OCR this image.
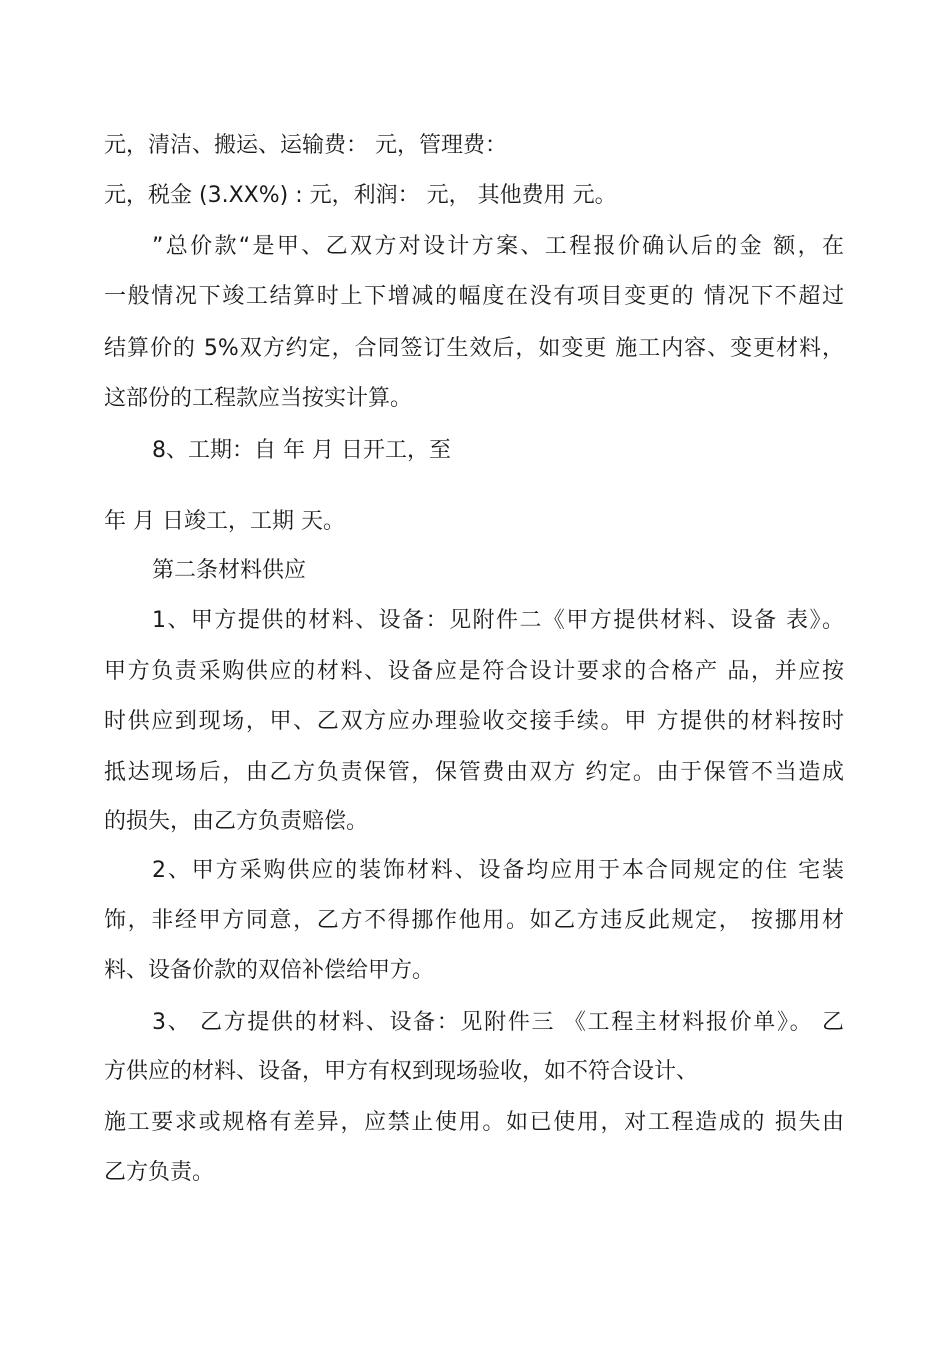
元，清洁、搬运、运输费： 元，管理费：
元，税金 (3.XX%) : 元，利润： 元， 其他费用 元。
”总价款“是甲、乙双方对设计方案、工程报价确认后的金 额，在
一般情况下竣工结算时上下增减的幅度在没有项目变更的 情况下不超过
结算价的 5%双方约定，合同签订生效后，如变更 施工内容、变更材料，
这部份的工程款应当按实计算。
8、工期：自 年 月 日开工，至
年 月 日竣工，工期 天。
第二条材料供应
1、甲方提供的材料、设备：见附件二《甲方提供材料、设备 表》。
甲方负责采购供应的材料、设备应是符合设计要求的合格产 品，并应按
时供应到现场，甲、乙双方应办理验收交接手续。甲 方提供的材料按时
抵达现场后，由乙方负责保管，保管费由双方 约定。由于保管不当造成
的损失，由乙方负责赔偿。
2、甲方采购供应的装饰材料、设备均应用于本合同规定的住 宅装
饰，非经甲方同意，乙方不得挪作他用。如乙方违反此规定， 按挪用材
料、设备价款的双倍补偿给甲方。
3、 乙方提供的材料、设备：见附件三 《工程主材料报价单》。 乙
方供应的材料、设备，甲方有权到现场验收，如不符合设计、
施工要求或规格有差异，应禁止使用。如已使用，对工程造成的 损失由
乙方负责。
